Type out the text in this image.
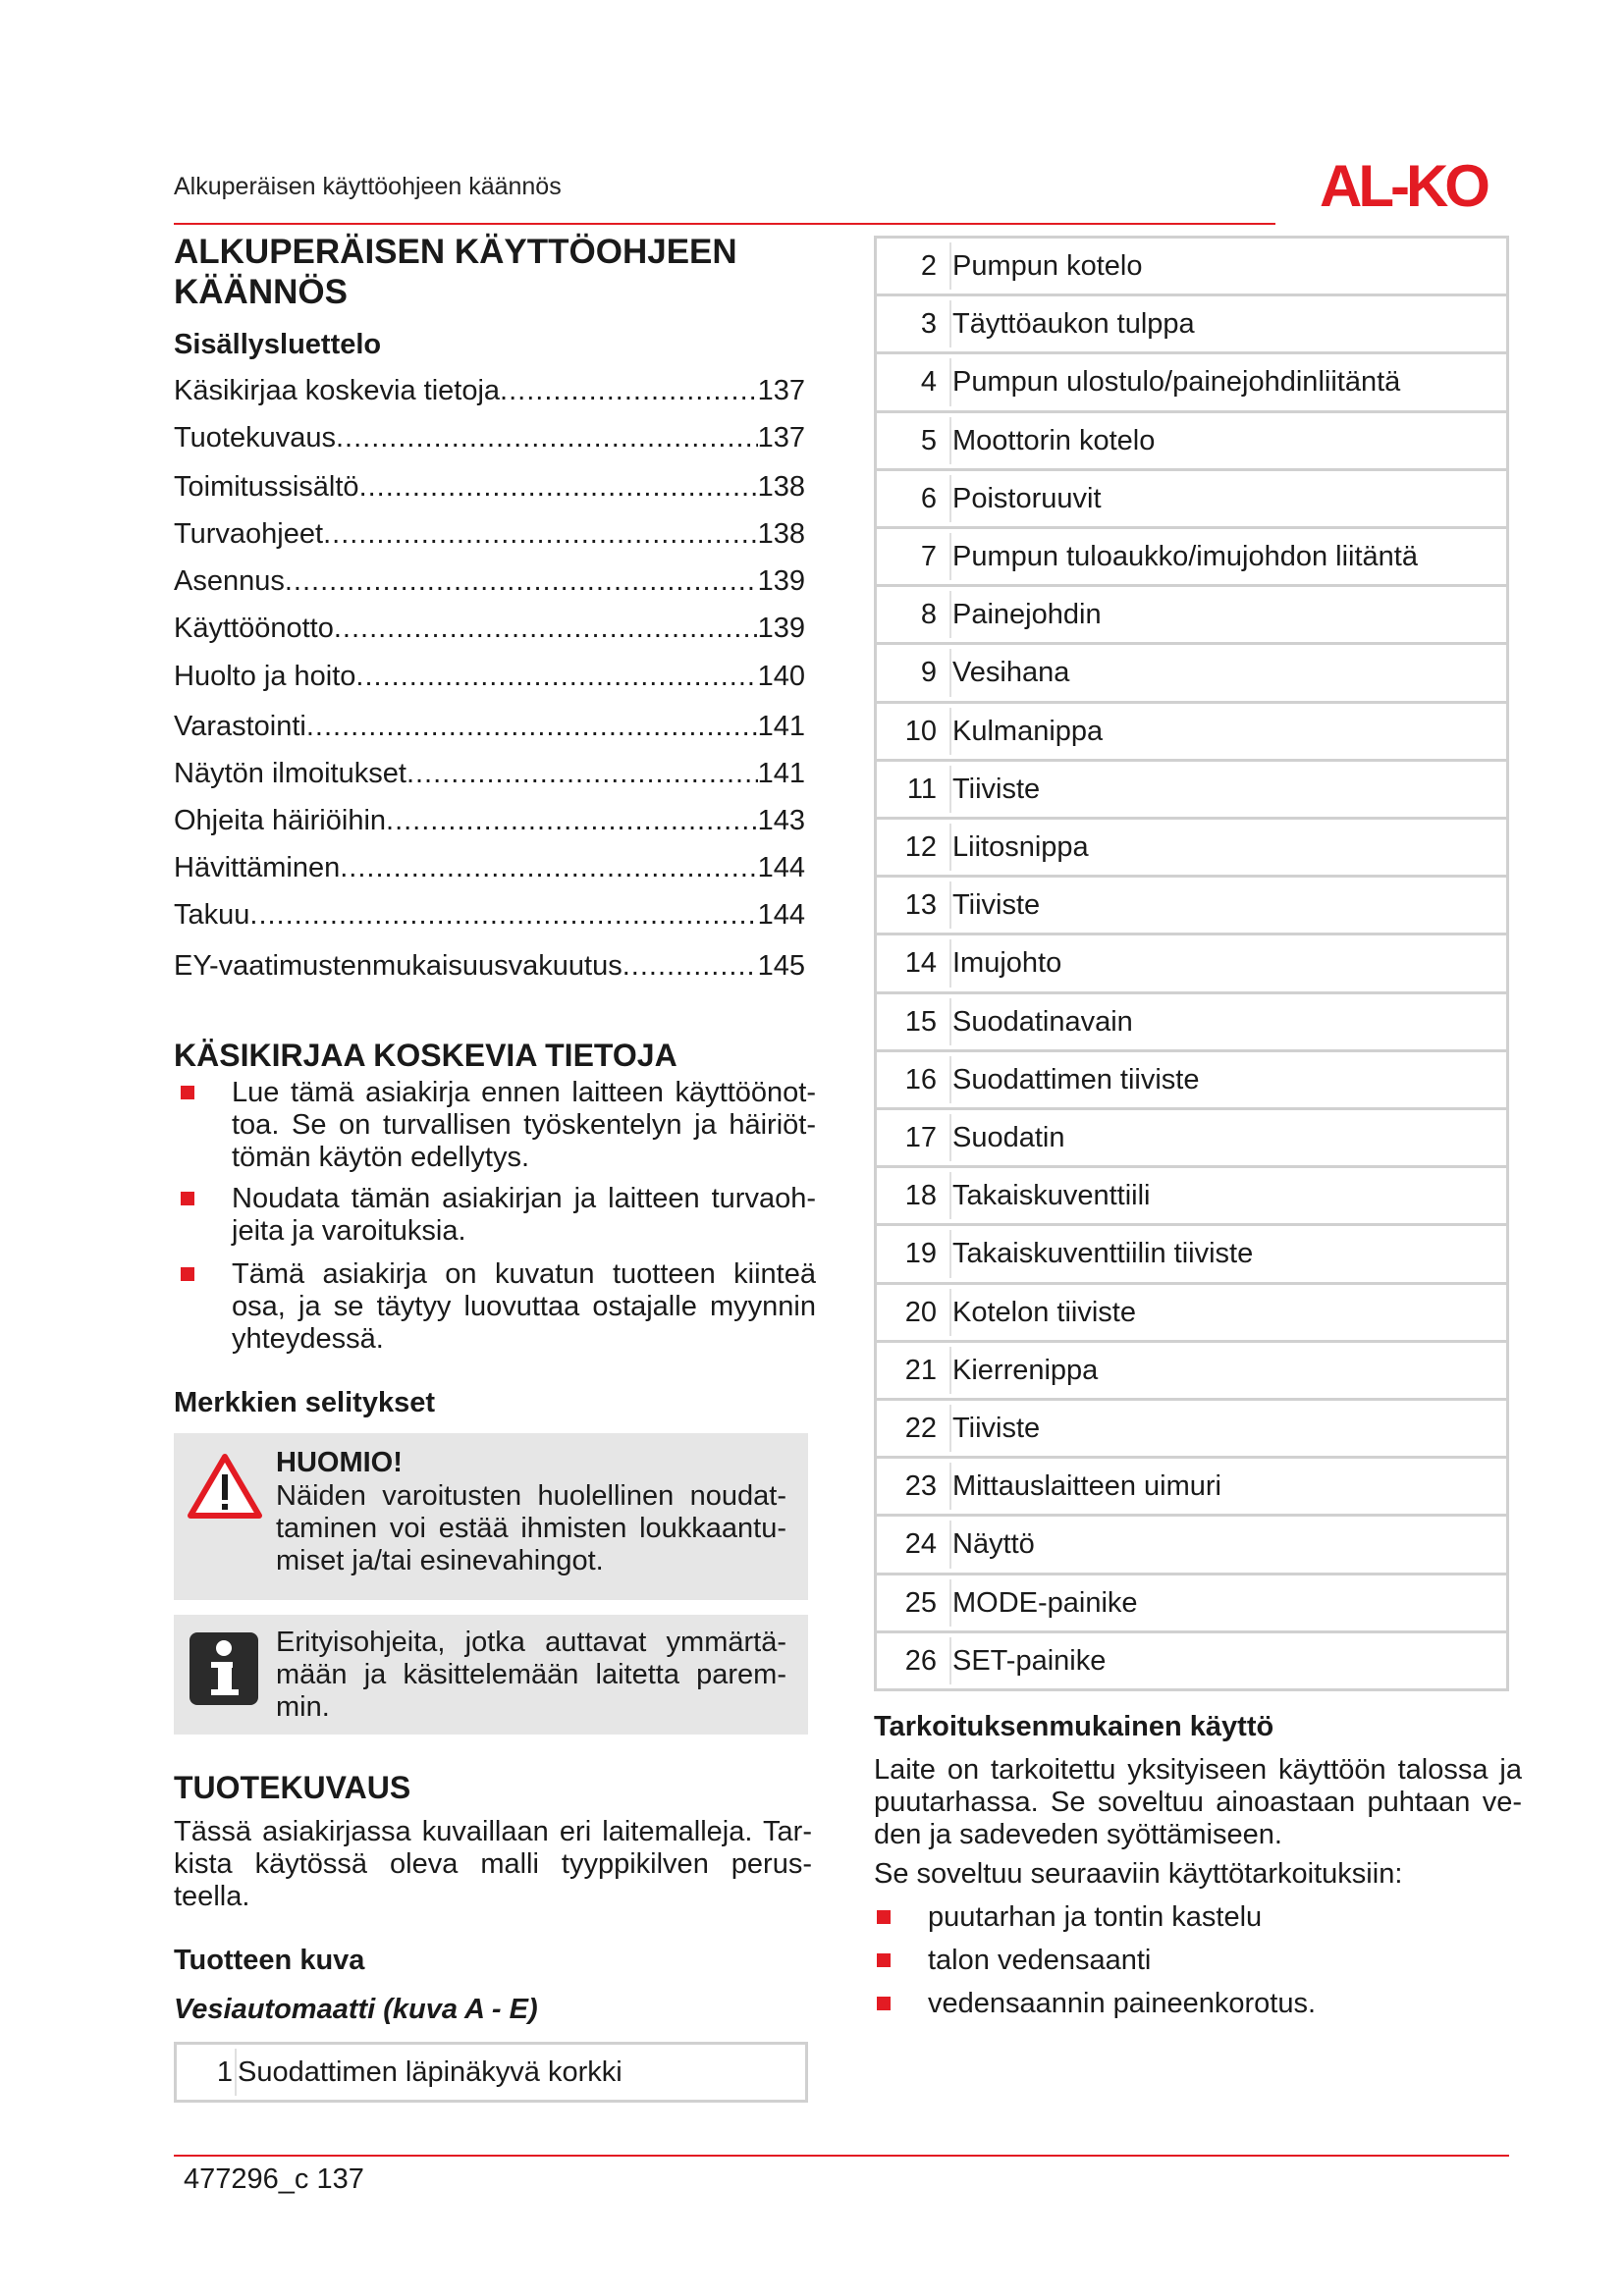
Alkuperäisen käyttöohjeen käännös	AL-KO
ALKUPERÄISEN KÄYTTÖOHJEEN
KÄÄNNÖS
Sisällysluettelo
Käsikirjaa koskevia tietoja .....	137
Tuotekuvaus .....	137
Toimitussisältö .....	138
Turvaohjeet .....	138
Asennus .....	139
Käyttöönotto .....	139
Huolto ja hoito .....	140
Varastointi .....	141
Näytön ilmoitukset .....	141
Ohjeita häiriöihin .....	143
Hävittäminen .....	144
Takuu .....	144
EY-vaatimustenmukaisuusvakuutus .....	145
KÄSIKIRJAA KOSKEVIA TIETOJA
Lue tämä asiakirja ennen laitteen käyttöönot-
toa. Se on turvallisen työskentelyn ja häiriöt-
tömän käytön edellytys.
Noudata tämän asiakirjan ja laitteen turvaoh-
jeita ja varoituksia.
Tämä asiakirja on kuvatun tuotteen kiinteä
osa, ja se täytyy luovuttaa ostajalle myynnin
yhteydessä.
Merkkien selitykset
HUOMIO!
Näiden varoitusten huolellinen noudat-
taminen voi estää ihmisten loukkaantu-
miset ja/tai esinevahingot.
Erityisohjeita, jotka auttavat ymmärtä-
mään ja käsittelemään laitetta parem-
min.
TUOTEKUVAUS
Tässä asiakirjassa kuvaillaan eri laitemalleja. Tar-
kista käytössä oleva malli tyyppikilven perus-
teella.
Tuotteen kuva
Vesiautomaatti (kuva A - E)
1 Suodattimen läpinäkyvä korkki
2 Pumpun kotelo
3 Täyttöaukon tulppa
4 Pumpun ulostulo/painejohdinliitäntä
5 Moottorin kotelo
6 Poistoruuvit
7 Pumpun tuloaukko/imujohdon liitäntä
8 Painejohdin
9 Vesihana
10 Kulmanippa
11 Tiiviste
12 Liitosnippa
13 Tiiviste
14 Imujohto
15 Suodatinavain
16 Suodattimen tiiviste
17 Suodatin
18 Takaiskuventtiili
19 Takaiskuventtiilin tiiviste
20 Kotelon tiiviste
21 Kierrenippa
22 Tiiviste
23 Mittauslaitteen uimuri
24 Näyttö
25 MODE-painike
26 SET-painike
Tarkoituksenmukainen käyttö
Laite on tarkoitettu yksityiseen käyttöön talossa ja
puutarhassa. Se soveltuu ainoastaan puhtaan ve-
den ja sadeveden syöttämiseen.
Se soveltuu seuraaviin käyttötarkoituksiin:
puutarhan ja tontin kastelu
talon vedensaanti
vedensaannin paineenkorotus.
477296_c 137
